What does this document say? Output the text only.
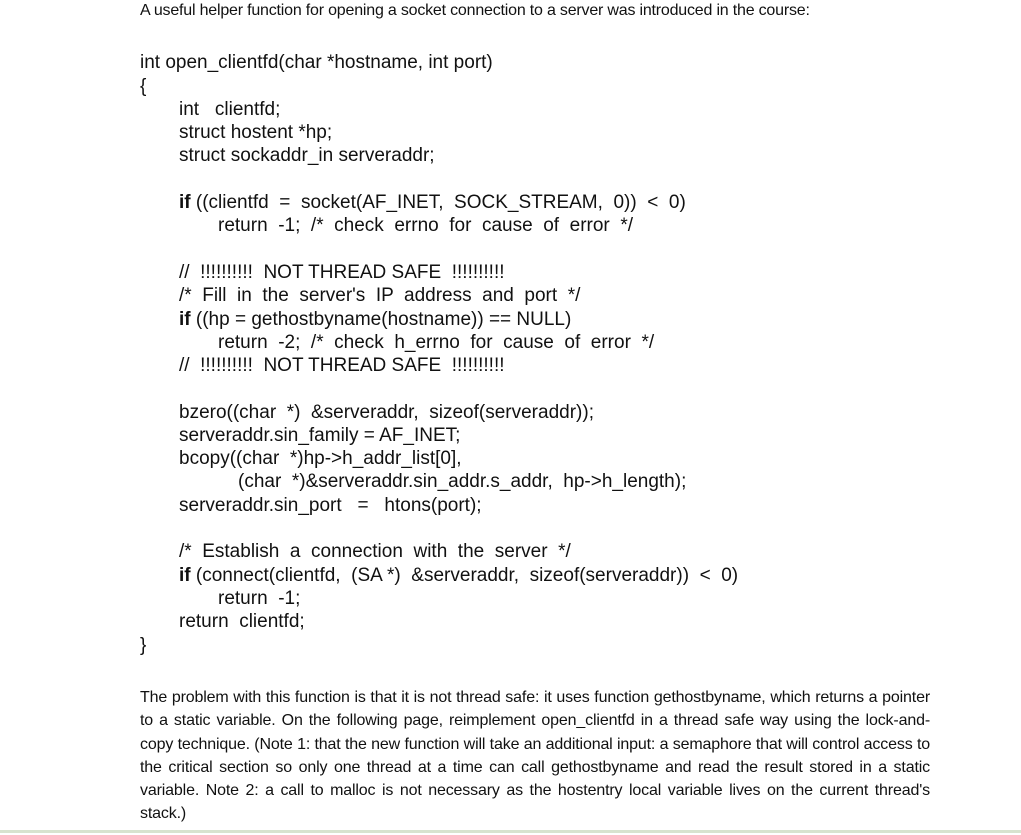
A useful helper function for opening a socket connection to a server was introduced in the course:
int open_clientfd(char *hostname, int port)
{
int   clientfd;
struct hostent *hp;
struct sockaddr_in serveraddr;
if ((clientfd  =  socket(AF_INET,  SOCK_STREAM,  0))  <  0)
return  -1;  /*  check  errno  for  cause  of  error  */
//  !!!!!!!!!!  NOT THREAD SAFE  !!!!!!!!!!
/*  Fill  in  the  server's  IP  address  and  port  */
if ((hp = gethostbyname(hostname)) == NULL)
return  -2;  /*  check  h_errno  for  cause  of  error  */
//  !!!!!!!!!!  NOT THREAD SAFE  !!!!!!!!!!
bzero((char  *)  &serveraddr,  sizeof(serveraddr));
serveraddr.sin_family = AF_INET;
bcopy((char  *)hp->h_addr_list[0],
(char  *)&serveraddr.sin_addr.s_addr,  hp->h_length);
serveraddr.sin_port   =   htons(port);
/*  Establish  a  connection  with  the  server  */
if (connect(clientfd,  (SA *)  &serveraddr,  sizeof(serveraddr))  <  0)
return  -1;
return  clientfd;
}
The problem with this function is that it is not thread safe: it uses function gethostbyname, which returns a pointer to a static variable. On the following page, reimplement open_clientfd in a thread safe way using the lock-and-copy technique. (Note 1: that the new function will take an additional input: a semaphore that will control access to the critical section so only one thread at a time can call gethostbyname and read the result stored in a static variable. Note 2: a call to malloc is not necessary as the hostentry local variable lives on the current thread's stack.)
